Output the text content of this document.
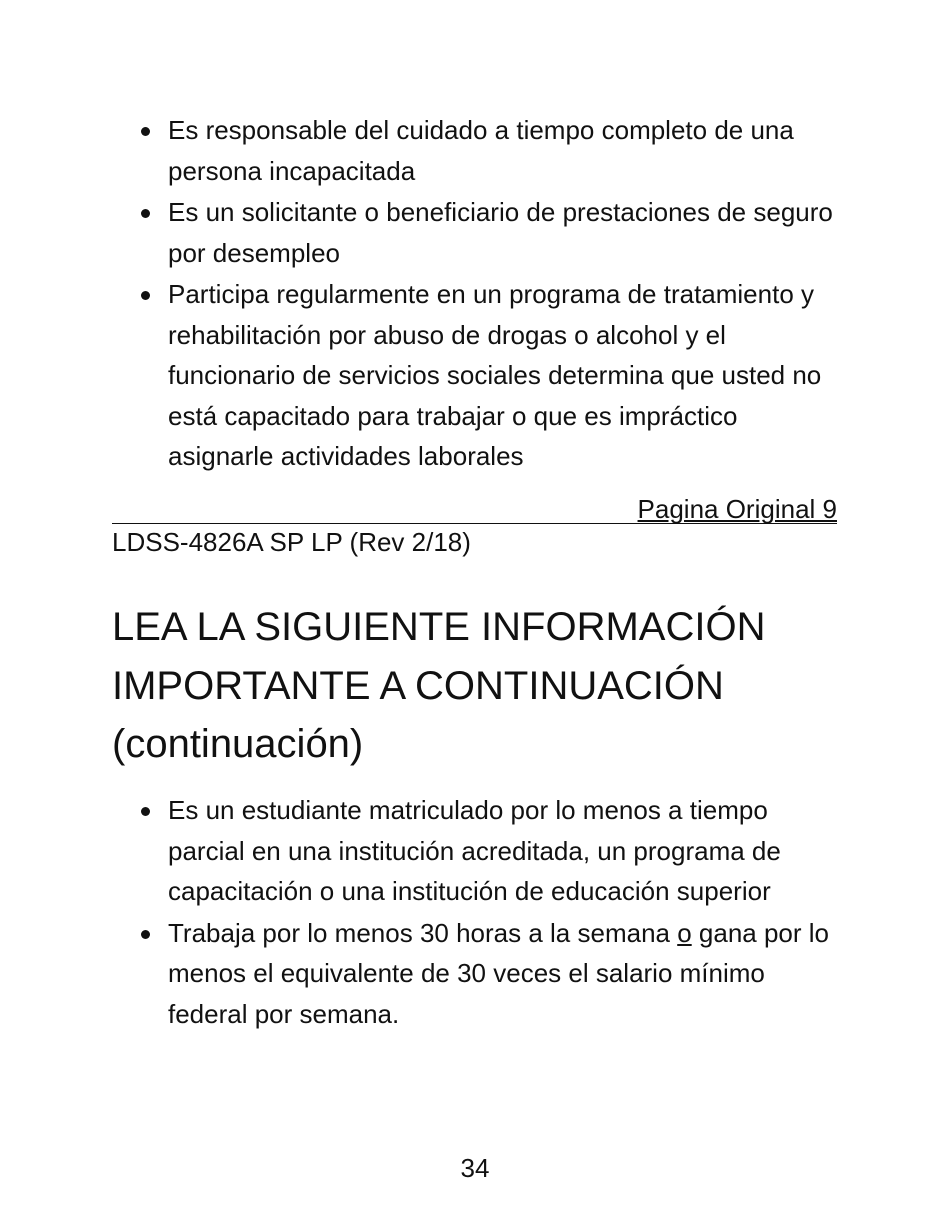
Es responsable del cuidado a tiempo completo de una persona incapacitada
Es un solicitante o beneficiario de prestaciones de seguro por desempleo
Participa regularmente en un programa de tratamiento y rehabilitación por abuso de drogas o alcohol y el funcionario de servicios sociales determina que usted no está capacitado para trabajar o que es impráctico asignarle actividades laborales
Pagina Original 9
LDSS-4826A SP LP (Rev 2/18)
LEA LA SIGUIENTE INFORMACIÓN
IMPORTANTE A CONTINUACIÓN
(continuación)
Es un estudiante matriculado por lo menos a tiempo parcial en una institución acreditada, un programa de capacitación o una institución de educación superior
Trabaja por lo menos 30 horas a la semana o gana por lo menos el equivalente de 30 veces el salario mínimo federal por semana.
34
